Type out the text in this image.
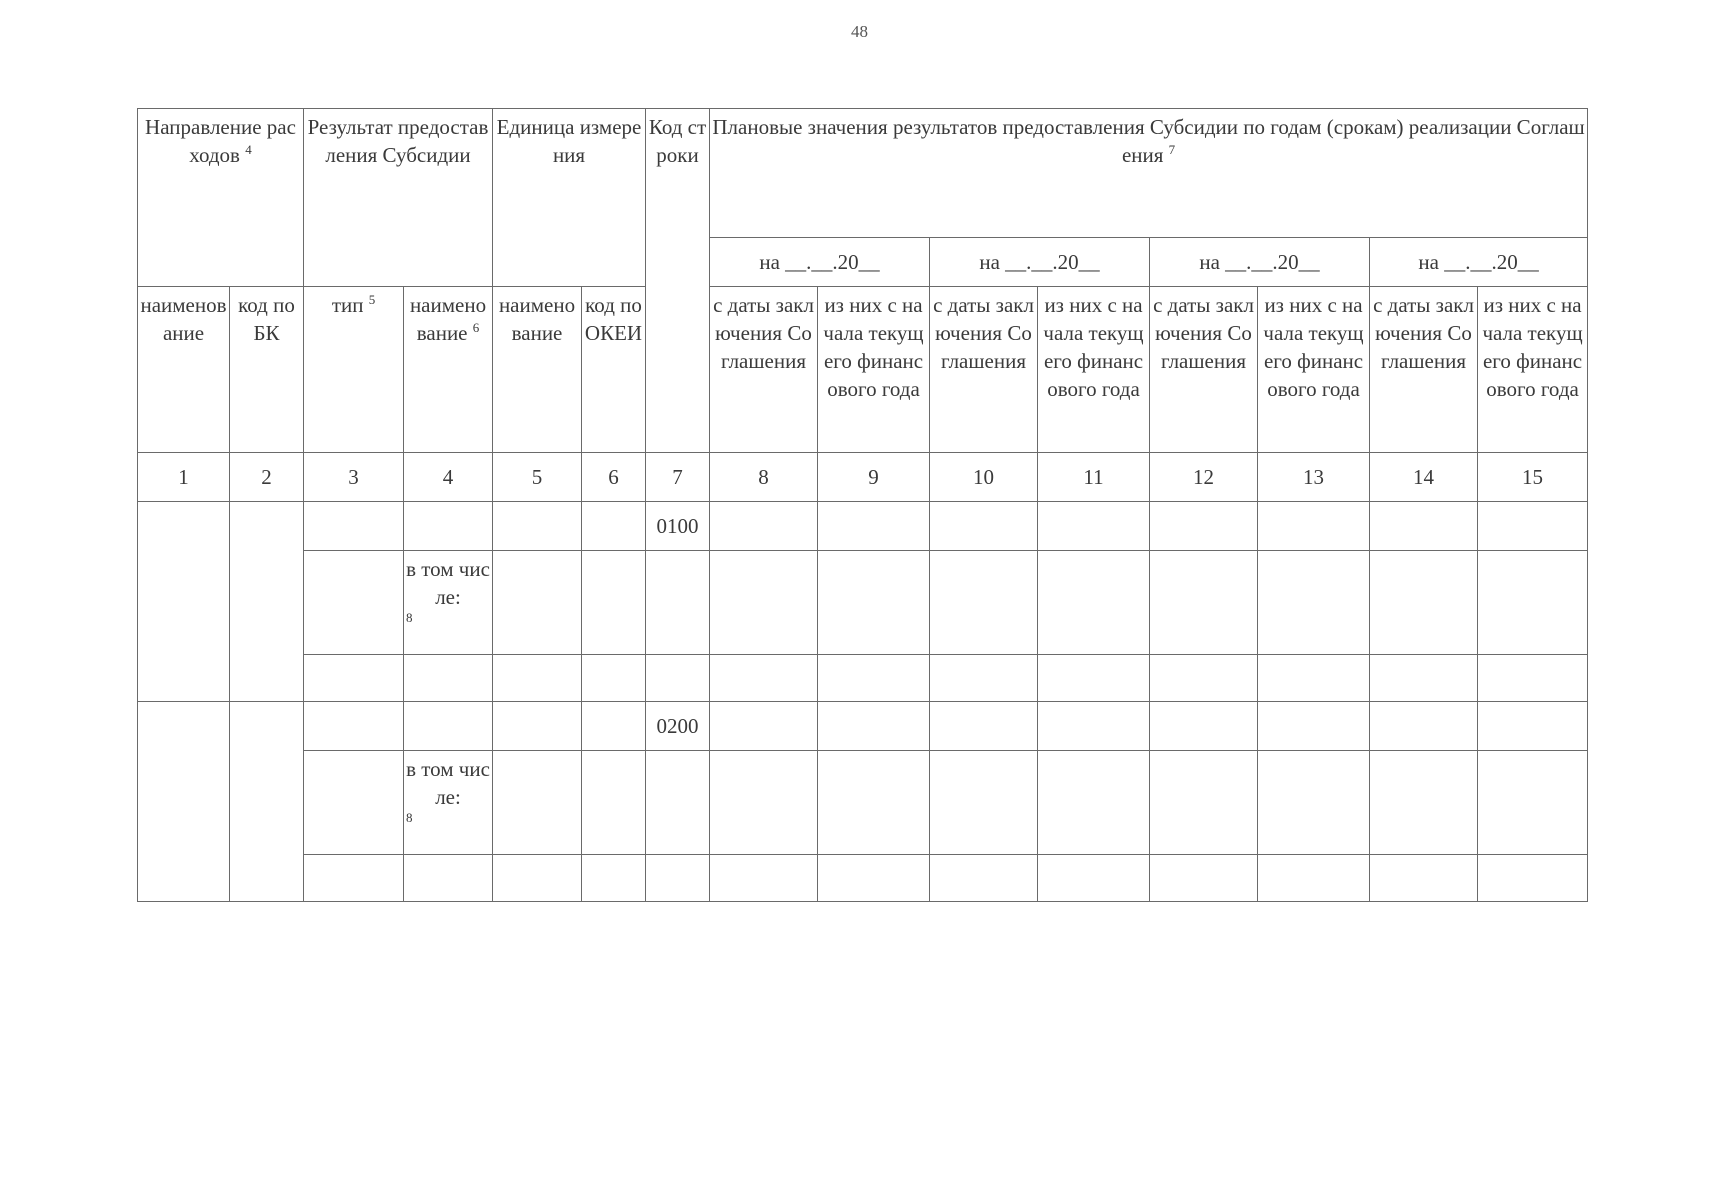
48
Направление расходов $^4$		Результат предоставления Субсидии		Единица измерения		Код строки	Плановые значения результатов предоставления Субсидии по годам (срокам) реализации Соглашения $^7$
							на __.__.20__		на __.__.20__		на __.__.20__		на __.__.20__	
наименование	код по БК	тип $^5$	наименование $^6$	наименование	код по ОКЕИ		с даты заключения Соглашения	из них с начала текущего финансового года	с даты заключения Соглашения	из них с начала текущего финансового года	с даты заключения Соглашения	из них с начала текущего финансового года	с даты заключения Соглашения	из них с начала текущего финансового года
1	2	3	4	5	6	7	8	9	10	11	12	13	14	15
						0100								
			в том числе:
8											

						0200								
			в том числе:
8											
